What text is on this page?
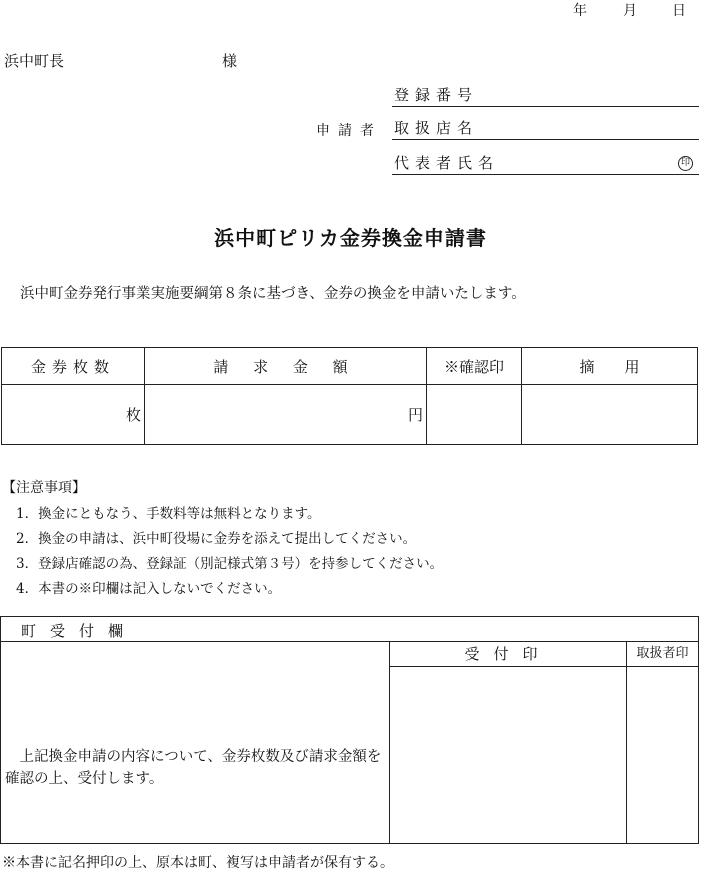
年	月	日
浜中町長	様
申請者
登録番号
取扱店名
代表者氏名	印
浜中町ピリカ金券換金申請書
浜中町金券発行事業実施要綱第８条に基づき、金券の換金を申請いたします。
金券枚数	請 求 金 額	※確認印	摘　　用
枚	円		
【注意事項】
1．換金にともなう、手数料等は無料となります。
2．換金の申請は、浜中町役場に金券を添えて提出してください。
3．登録店確認の為、登録証（別記様式第３号）を持参してください。
4．本書の※印欄は記入しないでください。
町受付欄
　上記換金申請の内容について、金券枚数及び請求金額を確認の上、受付します。
受付印	取扱者印
※本書に記名押印の上、原本は町、複写は申請者が保有する。
